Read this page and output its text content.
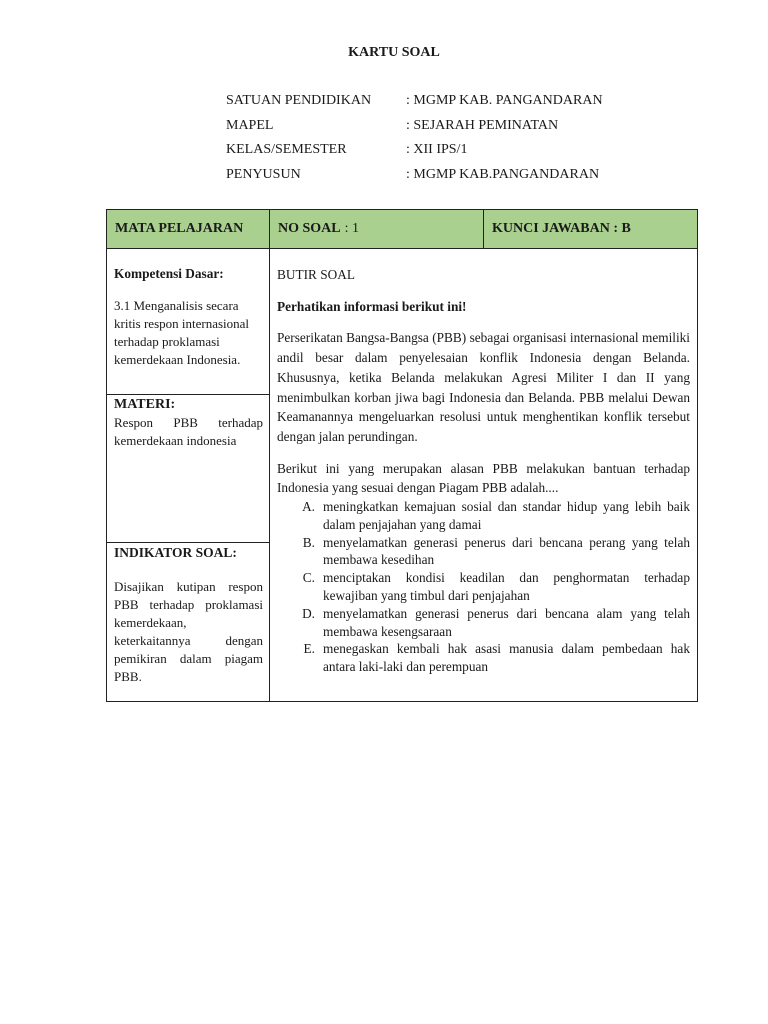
KARTU SOAL
SATUAN PENDIDIKAN	: MGMP KAB. PANGANDARAN
MAPEL	: SEJARAH PEMINATAN
KELAS/SEMESTER	: XII IPS/1
PENYUSUN	: MGMP KAB.PANGANDARAN
MATA PELAJARAN NO SOAL : 1	KUNCI JAWABAN : B
Kompetensi Dasar:
3.1 Menganalisis secara kritis respon internasional terhadap proklamasi kemerdekaan Indonesia.
MATERI:
Respon PBB terhadap kemerdekaan indonesia
INDIKATOR SOAL:
Disajikan kutipan respon PBB terhadap proklamasi kemerdekaan, keterkaitannya dengan pemikiran dalam piagam PBB.

BUTIR SOAL

Perhatikan informasi berikut ini!

Perserikatan Bangsa-Bangsa (PBB) sebagai organisasi internasional memiliki andil besar dalam penyelesaian konflik Indonesia dengan Belanda. Khususnya, ketika Belanda melakukan Agresi Militer I dan II yang menimbulkan korban jiwa bagi Indonesia dan Belanda. PBB melalui Dewan Keamanannya mengeluarkan resolusi untuk menghentikan konflik tersebut dengan jalan perundingan.

Berikut ini yang merupakan alasan PBB melakukan bantuan terhadap Indonesia yang sesuai dengan Piagam PBB adalah....

A. meningkatkan kemajuan sosial dan standar hidup yang lebih baik dalam penjajahan yang damai
B. menyelamatkan generasi penerus dari bencana perang yang telah membawa kesedihan
C. menciptakan kondisi keadilan dan penghormatan terhadap kewajiban yang timbul dari penjajahan
D. menyelamatkan generasi penerus dari bencana alam yang telah membawa kesengsaraan
E. menegaskan kembali hak asasi manusia dalam pembedaan hak antara laki-laki dan perempuan
